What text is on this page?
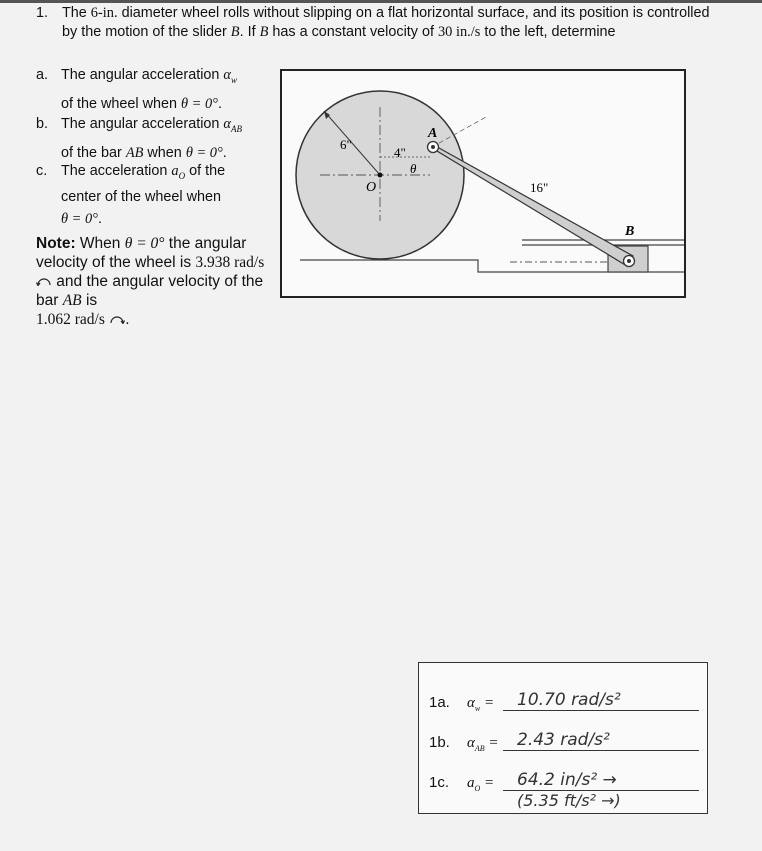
1. The 6-in. diameter wheel rolls without slipping on a flat horizontal surface, and its position is controlled by the motion of the slider B. If B has a constant velocity of 30 in./s to the left, determine
a. The angular acceleration $\alpha_w$
of the wheel when θ = 0°.
b. The angular acceleration $\alpha_{AB}$
of the bar AB when θ = 0°.
c. The acceleration $a_O$ of the
center of the wheel when
θ = 0°.
Note: When θ = 0° the angular velocity of the wheel is 3.938 rad/s  and the angular velocity of the bar AB is
1.062 rad/s .
6"
4"
θ
O
A
16"
B
1a. $\alpha_w = 10.70$ rad/s²
1b. $\alpha_{AB} = 2.43$ rad/s²
1c. $a_O = 64.2$ in/s² →
(5.35 ft/s² →)
